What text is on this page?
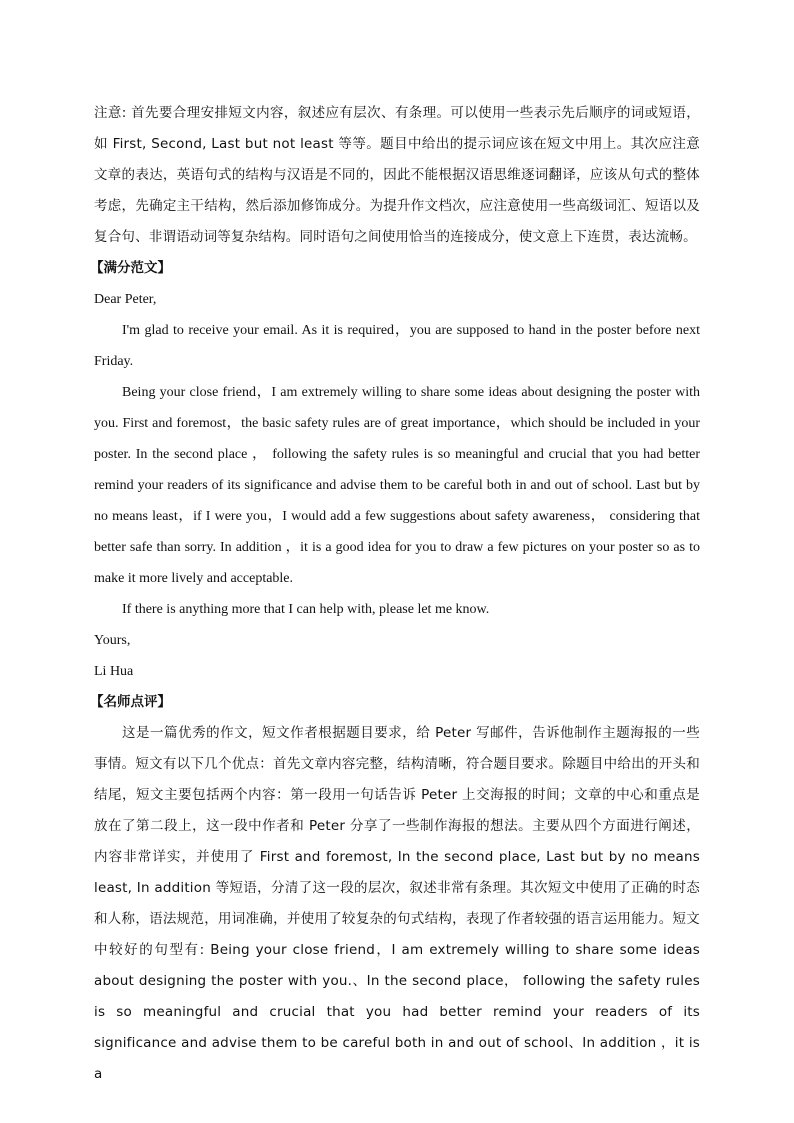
注意: 首先要合理安排短文内容，叙述应有层次、有条理。可以使用一些表示先后顺序的词或短语，如 First, Second, Last but not least 等等。题目中给出的提示词应该在短文中用上。其次应注意文章的表达，英语句式的结构与汉语是不同的，因此不能根据汉语思维逐词翻译，应该从句式的整体考虑，先确定主干结构，然后添加修饰成分。为提升作文档次，应注意使用一些高级词汇、短语以及复合句、非谓语动词等复杂结构。同时语句之间使用恰当的连接成分，使文意上下连贯，表达流畅。

【满分范文】

Dear Peter,

I'm glad to receive your email. As it is required，you are supposed to hand in the poster before next Friday.

Being your close friend，I am extremely willing to share some ideas about designing the poster with you. First and foremost，the basic safety rules are of great importance，which should be included in your poster. In the second place ， following the safety rules is so meaningful and crucial that you had better remind your readers of its significance and advise them to be careful both in and out of school. Last but by no means least，if I were you，I would add a few suggestions about safety awareness， considering that better safe than sorry. In addition ，it is a good idea for you to draw a few pictures on your poster so as to make it more lively and acceptable.

If there is anything more that I can help with, please let me know.

Yours,

Li Hua

【名师点评】

这是一篇优秀的作文，短文作者根据题目要求，给 Peter 写邮件，告诉他制作主题海报的一些事情。短文有以下几个优点：首先文章内容完整，结构清晰，符合题目要求。除题目中给出的开头和结尾，短文主要包括两个内容：第一段用一句话告诉 Peter 上交海报的时间；文章的中心和重点是放在了第二段上，这一段中作者和 Peter 分享了一些制作海报的想法。主要从四个方面进行阐述，内容非常详实，并使用了 First and foremost, In the second place, Last but by no means least, In addition 等短语，分清了这一段的层次，叙述非常有条理。其次短文中使用了正确的时态和人称，语法规范，用词准确，并使用了较复杂的句式结构，表现了作者较强的语言运用能力。短文中较好的句型有: Being your close friend，I am extremely willing to share some ideas about designing the poster with you.、In the second place， following the safety rules is so meaningful and crucial that you had better remind your readers of its significance and advise them to be careful both in and out of school、In addition ，it is a
